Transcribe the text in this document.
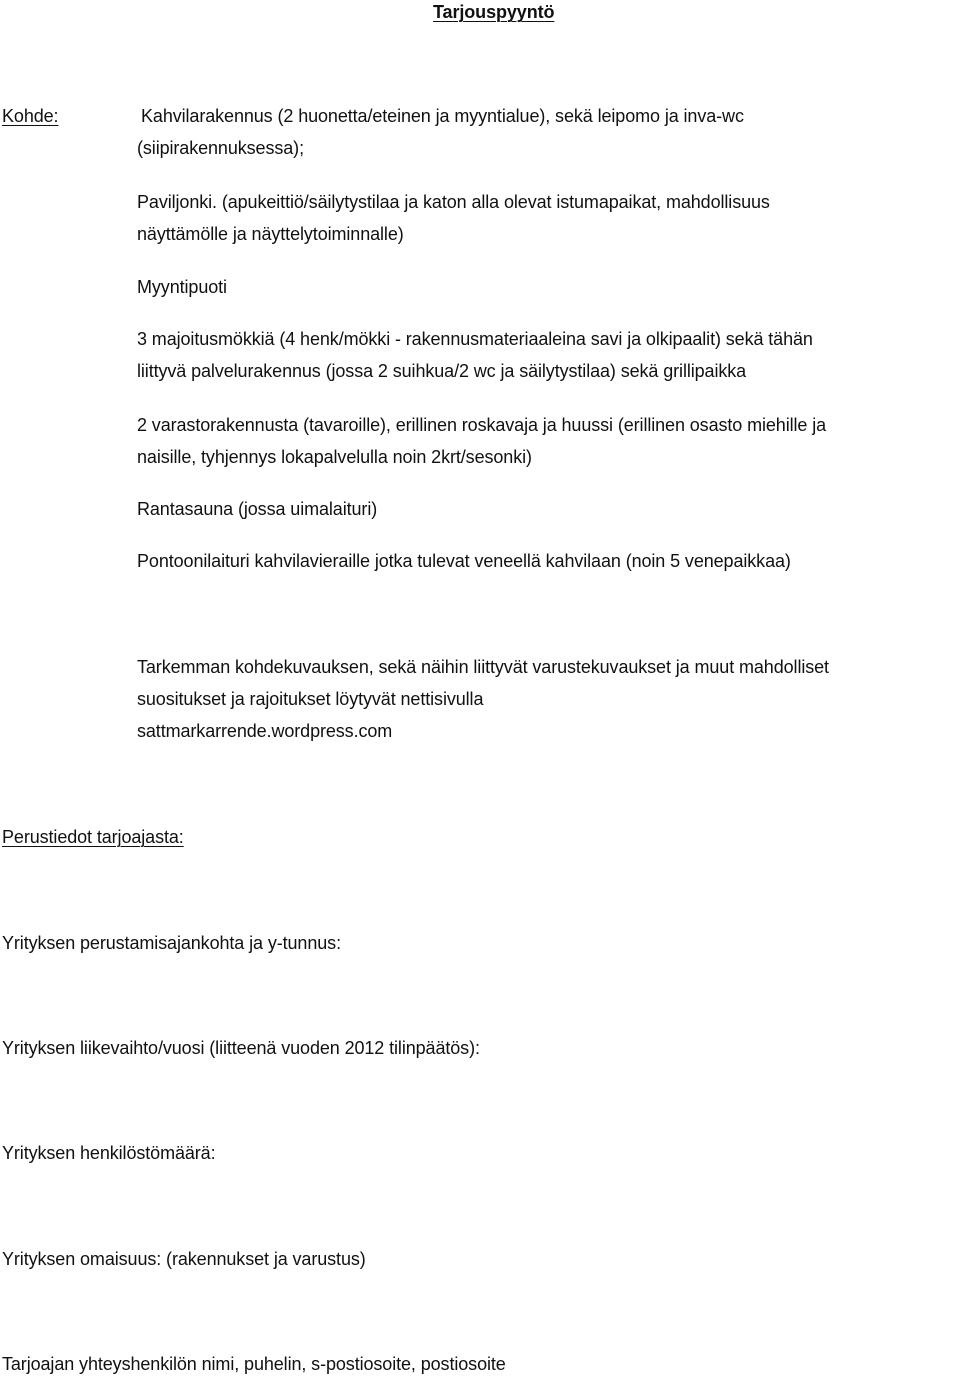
Tarjouspyyntö
Kohde:	Kahvilarakennus (2 huonetta/eteinen ja myyntialue), sekä leipomo ja inva-wc
(siipirakennuksessa);
Paviljonki. (apukeittiö/säilytystilaa ja katon alla olevat istumapaikat, mahdollisuus
näyttämölle ja näyttelytoiminnalle)
Myyntipuoti
3 majoitusmökkiä (4 henk/mökki - rakennusmateriaaleina savi ja olkipaalit) sekä tähän
liittyvä palvelurakennus (jossa 2 suihkua/2 wc ja säilytystilaa) sekä grillipaikka
2 varastorakennusta (tavaroille), erillinen roskavaja ja huussi (erillinen osasto miehille ja
naisille, tyhjennys lokapalvelulla noin 2krt/sesonki)
Rantasauna (jossa uimalaituri)
Pontoonilaituri kahvilavieraille jotka tulevat veneellä kahvilaan (noin 5 venepaikkaa)
Tarkemman kohdekuvauksen, sekä näihin liittyvät varustekuvaukset ja muut mahdolliset
suositukset ja rajoitukset löytyvät nettisivulla
sattmarkarrende.wordpress.com
Perustiedot tarjoajasta:
Yrityksen perustamisajankohta ja y-tunnus:
Yrityksen liikevaihto/vuosi (liitteenä vuoden 2012 tilinpäätös):
Yrityksen henkilöstömäärä:
Yrityksen omaisuus: (rakennukset ja varustus)
Tarjoajan yhteyshenkilön nimi, puhelin, s-postiosoite, postiosoite
